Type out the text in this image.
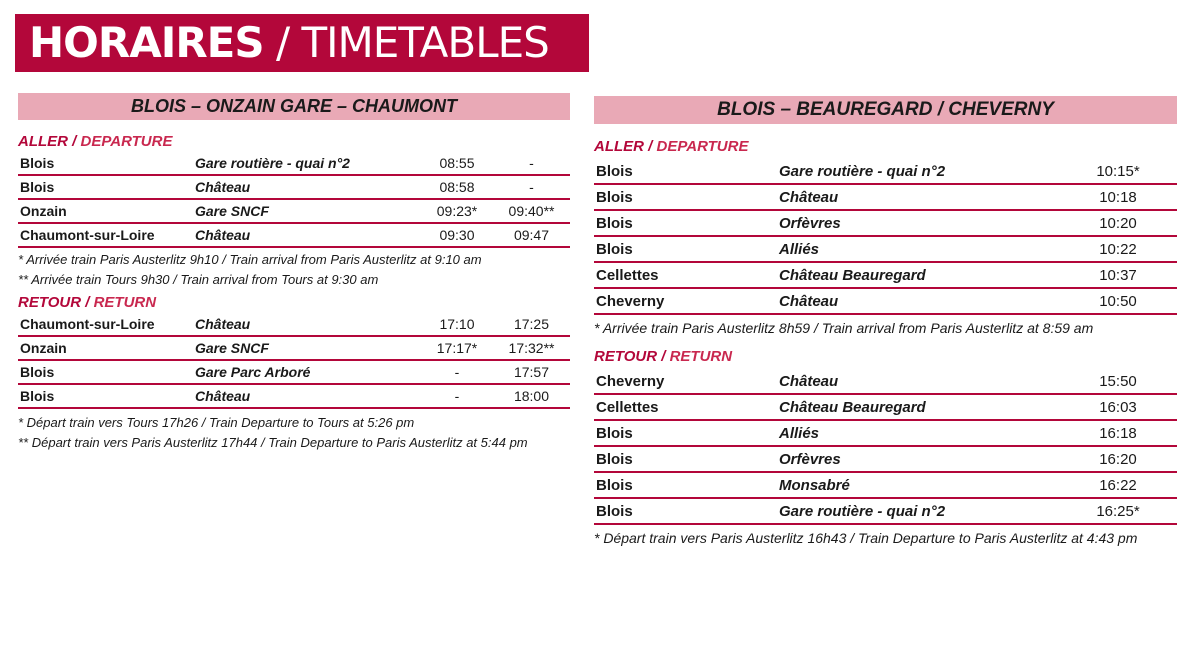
HORAIRES / TIMETABLES
BLOIS – ONZAIN GARE – CHAUMONT
ALLER / DEPARTURE
Blois	Gare routière - quai n°2	08:55	-
Blois	Château	08:58	-
Onzain	Gare SNCF	09:23*	09:40**
Chaumont-sur-Loire	Château	09:30	09:47
* Arrivée train Paris Austerlitz 9h10 / Train arrival from Paris Austerlitz at 9:10 am
** Arrivée train Tours 9h30 / Train arrival from Tours at 9:30 am
RETOUR / RETURN
Chaumont-sur-Loire	Château	17:10	17:25
Onzain	Gare SNCF	17:17*	17:32**
Blois	Gare Parc Arboré	-	17:57
Blois	Château	-	18:00
* Départ train vers Tours 17h26 / Train Departure to Tours at 5:26 pm
** Départ train vers Paris Austerlitz 17h44 / Train Departure to Paris Austerlitz at 5:44 pm
BLOIS – BEAUREGARD / CHEVERNY
ALLER / DEPARTURE
Blois	Gare routière - quai n°2	10:15*
Blois	Château	10:18
Blois	Orfèvres	10:20
Blois	Alliés	10:22
Cellettes	Château Beauregard	10:37
Cheverny	Château	10:50
* Arrivée train Paris Austerlitz 8h59 / Train arrival from Paris Austerlitz at 8:59 am
RETOUR / RETURN
Cheverny	Château	15:50
Cellettes	Château Beauregard	16:03
Blois	Alliés	16:18
Blois	Orfèvres	16:20
Blois	Monsabré	16:22
Blois	Gare routière - quai n°2	16:25*
* Départ train vers Paris Austerlitz 16h43 / Train Departure to Paris Austerlitz at 4:43 pm
